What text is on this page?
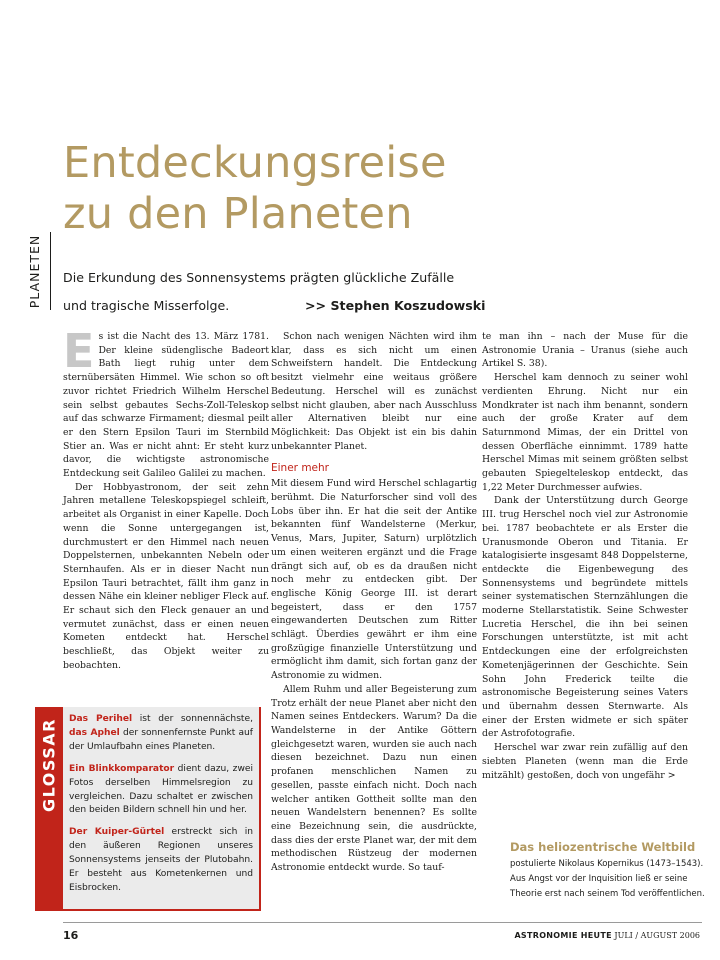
PLANETEN
Entdeckungsreise
zu den Planeten
Die Erkundung des Sonnensystems prägten glückliche Zufälle
und tragische Misserfolge.	>> Stephen Koszudowski

Es ist die Nacht des 13. März 1781. Der kleine südenglische Badeort Bath liegt ruhig unter dem sternübersäten Himmel. Wie schon so oft zuvor richtet Friedrich Wilhelm Herschel sein selbst gebautes Sechs-Zoll-Teleskop auf das schwarze Firmament; diesmal peilt er den Stern Epsilon Tauri im Sternbild Stier an. Was er nicht ahnt: Er steht kurz davor, die wichtigste astronomische Entdeckung seit Galileo Galilei zu machen.

Der Hobbyastronom, der seit zehn Jahren metallene Teleskopspiegel schleift, arbeitet als Organist in einer Kapelle. Doch wenn die Sonne untergegangen ist, durchmustert er den Himmel nach neuen Doppelsternen, unbekannten Nebeln oder Sternhaufen. Als er in dieser Nacht nun Epsilon Tauri betrachtet, fällt ihm ganz in dessen Nähe ein kleiner nebliger Fleck auf. Er schaut sich den Fleck genauer an und vermutet zunächst, dass er einen neuen Kometen entdeckt hat. Herschel beschließt, das Objekt weiter zu beobachten.

Schon nach wenigen Nächten wird ihm klar, dass es sich nicht um einen Schweifstern handelt. Die Entdeckung besitzt vielmehr eine weitaus größere Bedeutung. Herschel will es zunächst selbst nicht glauben, aber nach Ausschluss aller Alternativen bleibt nur eine Möglichkeit: Das Objekt ist ein bis dahin unbekannter Planet.

Einer mehr

Mit diesem Fund wird Herschel schlagartig berühmt. Die Naturforscher sind voll des Lobs über ihn. Er hat die seit der Antike bekannten fünf Wandelsterne (Merkur, Venus, Mars, Jupiter, Saturn) urplötzlich um einen weiteren ergänzt und die Frage drängt sich auf, ob es da draußen nicht noch mehr zu entdecken gibt. Der englische König George III. ist derart begeistert, dass er den 1757 eingewanderten Deutschen zum Ritter schlägt. Überdies gewährt er ihm eine großzügige finanzielle Unterstützung und ermöglicht ihm damit, sich fortan ganz der Astronomie zu widmen.

Allem Ruhm und aller Begeisterung zum Trotz erhält der neue Planet aber nicht den Namen seines Entdeckers. Warum? Da die Wandelsterne in der Antike Göttern gleichgesetzt waren, wurden sie auch nach diesen bezeichnet. Dazu nun einen profanen menschlichen Namen zu gesellen, passte einfach nicht. Doch nach welcher antiken Gottheit sollte man den neuen Wandelstern benennen? Es sollte eine Bezeichnung sein, die ausdrückte, dass dies der erste Planet war, der mit dem methodischen Rüstzeug der modernen Astronomie entdeckt wurde. So tauf-

te man ihn – nach der Muse für die Astronomie Urania – Uranus (siehe auch Artikel S. 38).

Herschel kam dennoch zu seiner wohl verdienten Ehrung. Nicht nur ein Mondkrater ist nach ihm benannt, sondern auch der große Krater auf dem Saturnmond Mimas, der ein Drittel von dessen Oberfläche einnimmt. 1789 hatte Herschel Mimas mit seinem größten selbst gebauten Spiegelteleskop entdeckt, das 1,22 Meter Durchmesser aufwies.

Dank der Unterstützung durch George III. trug Herschel noch viel zur Astronomie bei. 1787 beobachtete er als Erster die Uranusmonde Oberon und Titania. Er katalogisierte insgesamt 848 Doppelsterne, entdeckte die Eigenbewegung des Sonnensystems und begründete mittels seiner systematischen Sternzählungen die moderne Stellarstatistik. Seine Schwester Lucretia Herschel, die ihn bei seinen Forschungen unterstützte, ist mit acht Entdeckungen eine der erfolgreichsten Kometenjägerinnen der Geschichte. Sein Sohn John Frederick teilte die astronomische Begeisterung seines Vaters und übernahm dessen Sternwarte. Als einer der Ersten widmete er sich später der Astrofotografie.

Herschel war zwar rein zufällig auf den siebten Planeten (wenn man die Erde mitzählt) gestoßen, doch von ungefähr >

GLOSSAR Das Perihel ist der sonnennächste, das Aphel der sonnenfernste Punkt auf der Umlaufbahn eines Planeten.

Ein Blinkkomparator dient dazu, zwei Fotos derselben Himmelsregion zu vergleichen. Dazu schaltet er zwischen den beiden Bildern schnell hin und her.

Der Kuiper-Gürtel erstreckt sich in den äußeren Regionen unseres Sonnensystems jenseits der Plutobahn. Er besteht aus Kometenkernen und Eisbrocken.

Das heliozentrische Weltbild postulierte Nikolaus Kopernikus (1473–1543). Aus Angst vor der Inquisition ließ er seine Theorie erst nach seinem Tod veröffentlichen.
16	ASTRONOMIE HEUTE JULI / AUGUST 2006
